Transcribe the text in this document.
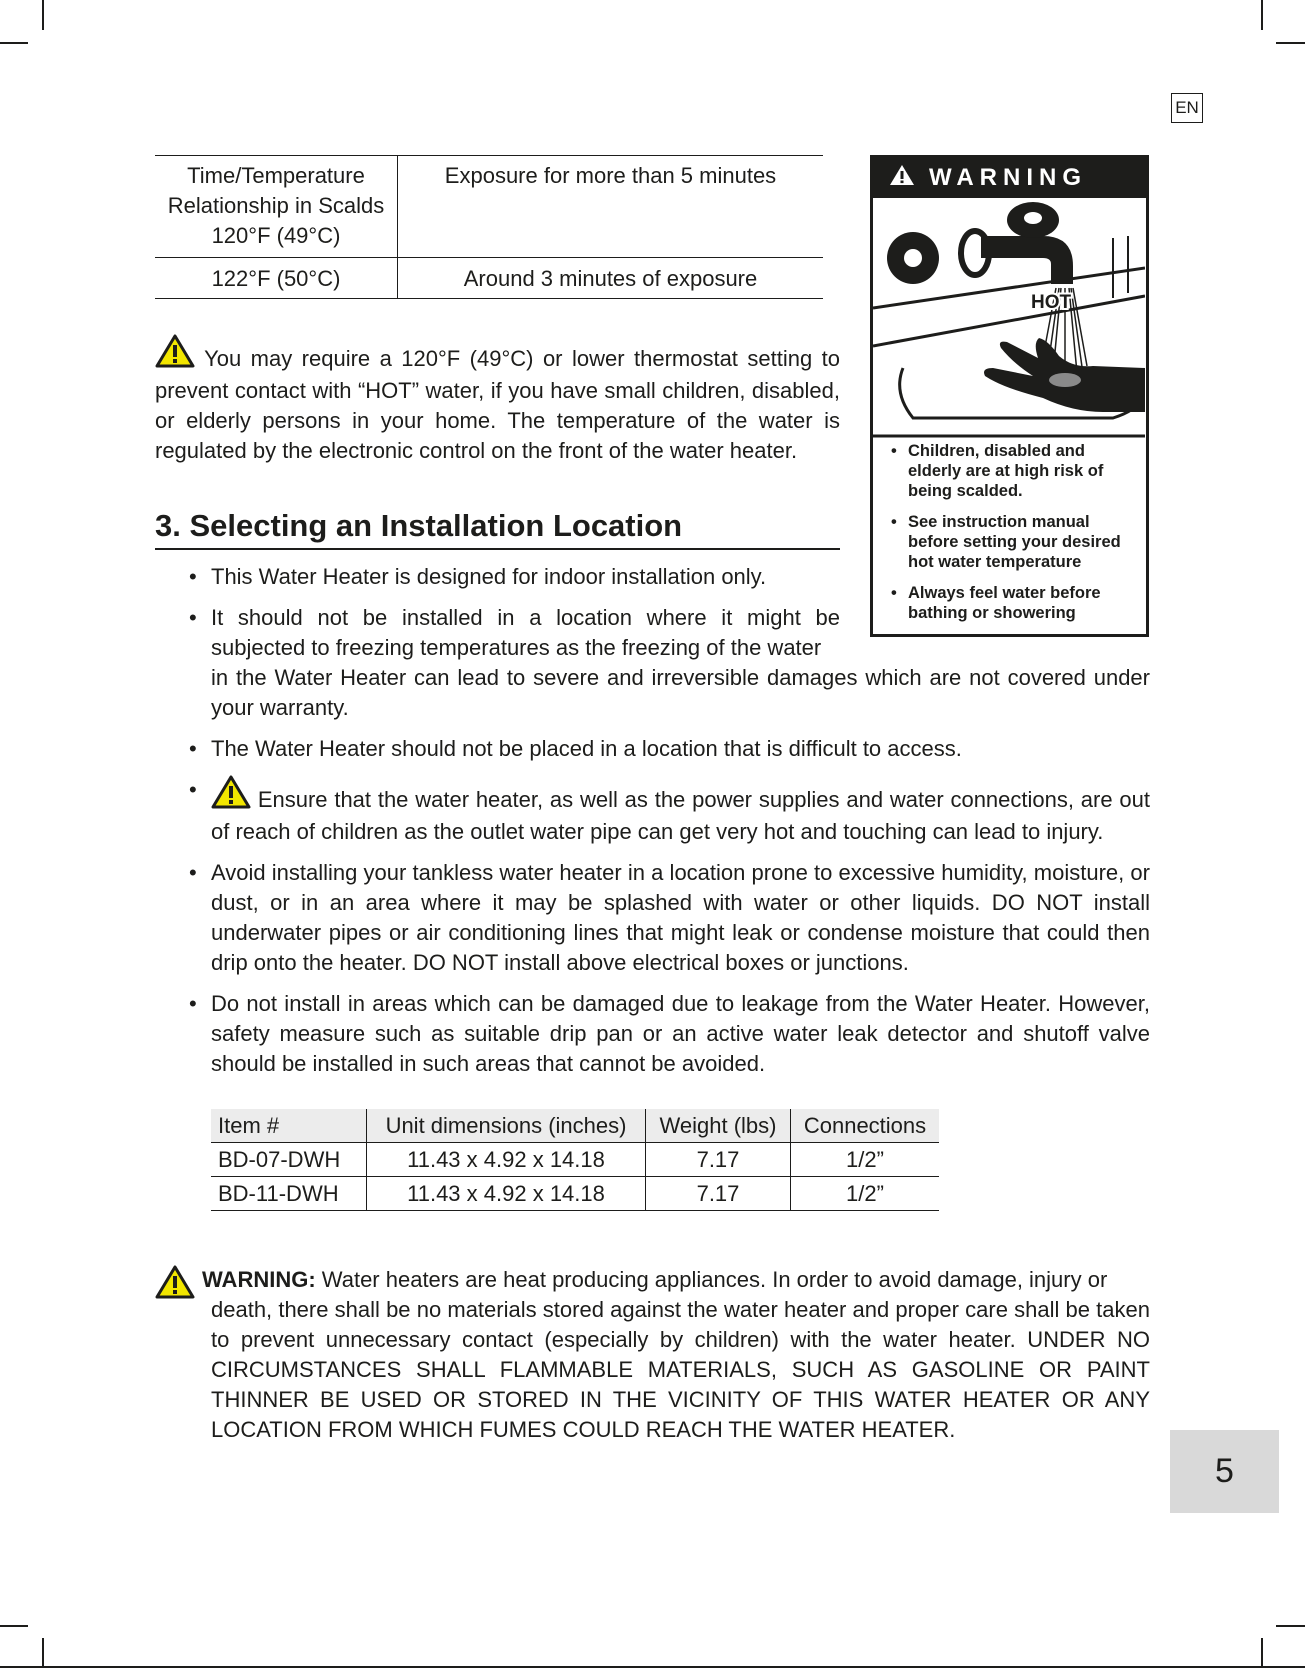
EN
Time/Temperature Relationship in Scalds 120°F (49°C)	Exposure for more than 5 minutes
122°F (50°C)	Around 3 minutes of exposure
You may require a 120°F (49°C) or lower thermostat setting to prevent contact with “HOT” water, if you have small children, disabled, or elderly persons in your home. The temperature of the water is regulated by the electronic control on the front of the water heater.
3. Selecting an Installation Location
• This Water Heater is designed for indoor installation only.
• It should not be installed in a location where it might be subjected to freezing temperatures as the freezing of the water
in the Water Heater can lead to severe and irreversible damages which are not covered under your warranty.
• The Water Heater should not be placed in a location that is difficult to access.
• Ensure that the water heater, as well as the power supplies and water connections, are out of reach of children as the outlet water pipe can get very hot and touching can lead to injury.
• Avoid installing your tankless water heater in a location prone to excessive humidity, moisture, or dust, or in an area where it may be splashed with water or other liquids. DO NOT install underwater pipes or air conditioning lines that might leak or condense moisture that could then drip onto the heater. DO NOT install above electrical boxes or junctions.
• Do not install in areas which can be damaged due to leakage from the Water Heater. However, safety measure such as suitable drip pan or an active water leak detector and shutoff valve should be installed in such areas that cannot be avoided.
Item #	Unit dimensions (inches)	Weight (lbs)	Connections
BD-07-DWH	11.43 x 4.92 x 14.18	7.17	1/2”
BD-11-DWH	11.43 x 4.92 x 14.18	7.17	1/2”
WARNING: Water heaters are heat producing appliances. In order to avoid damage, injury or
death, there shall be no materials stored against the water heater and proper care shall be taken to prevent unnecessary contact (especially by children) with the water heater. UNDER NO CIRCUMSTANCES SHALL FLAMMABLE MATERIALS, SUCH AS GASOLINE OR PAINT THINNER BE USED OR STORED IN THE VICINITY OF THIS WATER HEATER OR ANY LOCATION FROM WHICH FUMES COULD REACH THE WATER HEATER.
WARNING
HOT
BURN
• Children, disabled and elderly are at high risk of being scalded.
• See instruction manual before setting your desired hot water temperature
• Always feel water before bathing or showering
5
